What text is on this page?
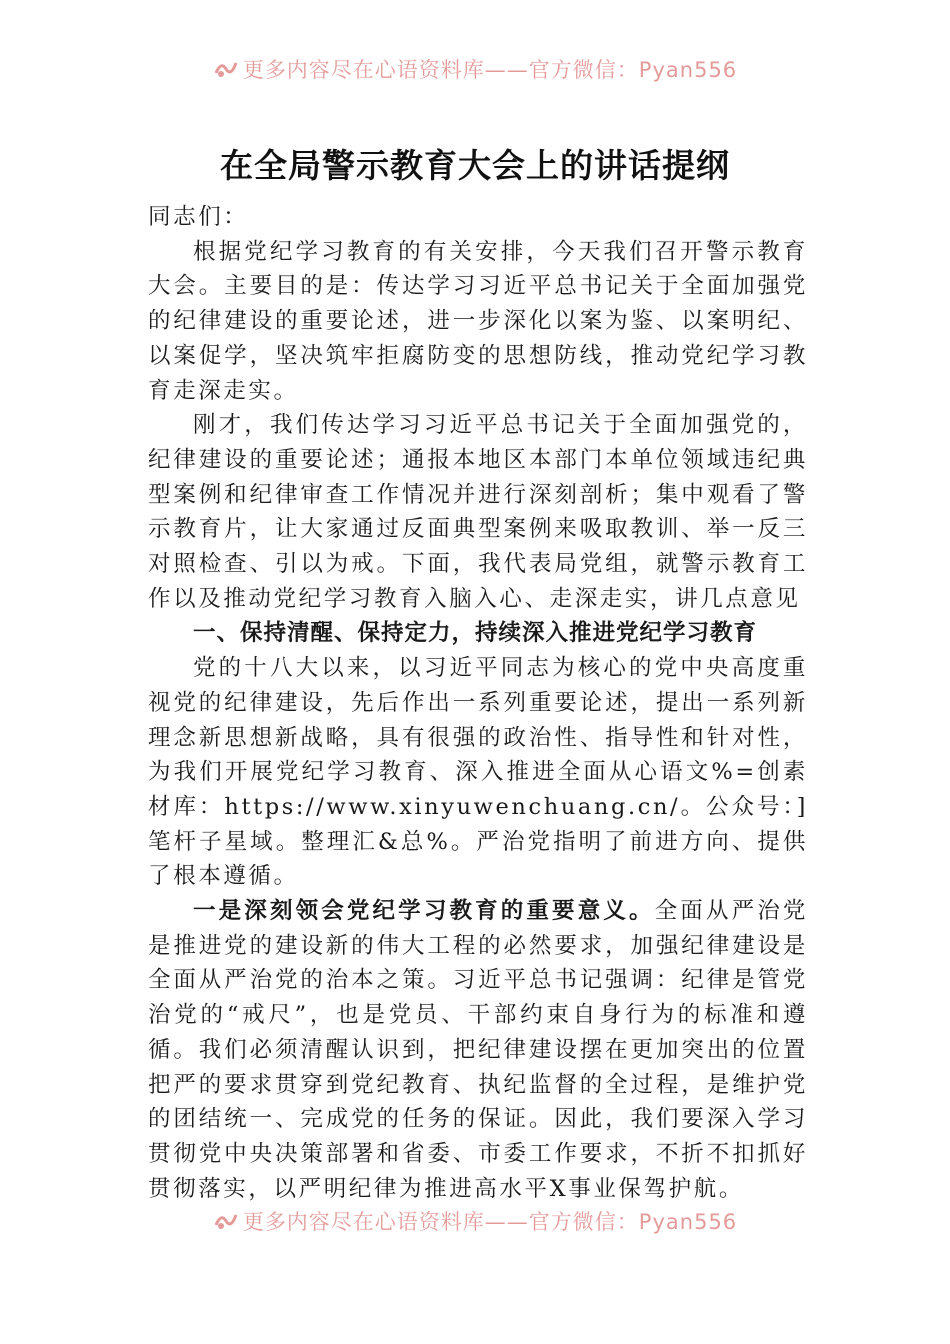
更多内容尽在心语资料库——官方微信：Pyan556
在全局警示教育大会上的讲话提纲

同志们：

根据党纪学习教育的有关安排，今天我们召开警示教育大会。主要目的是：传达学习习近平总书记关于全面加强党的纪律建设的重要论述，进一步深化以案为鉴、以案明纪、以案促学，坚决筑牢拒腐防变的思想防线，推动党纪学习教育走深走实。

刚才，我们传达学习习近平总书记关于全面加强党的，纪律建设的重要论述；通报本地区本部门本单位领域违纪典型案例和纪律审查工作情况并进行深刻剖析；集中观看了警示教育片，让大家通过反面典型案例来吸取教训、举一反三对照检查、引以为戒。下面，我代表局党组，就警示教育工作以及推动党纪学习教育入脑入心、走深走实，讲几点意见

一、保持清醒、保持定力，持续深入推进党纪学习教育

党的十八大以来，以习近平同志为核心的党中央高度重视党的纪律建设，先后作出一系列重要论述，提出一系列新理念新思想新战略，具有很强的政治性、指导性和针对性，为我们开展党纪学习教育、深入推进全面从心语文%=创素材库：https://www.xinyuwenchuang.cn/。公众号：]笔杆子星域。整理汇&总%。严治党指明了前进方向、提供了根本遵循。

一是深刻领会党纪学习教育的重要意义。全面从严治党是推进党的建设新的伟大工程的必然要求，加强纪律建设是全面从严治党的治本之策。习近平总书记强调：纪律是管党治党的“戒尺”，也是党员、干部约束自身行为的标准和遵循。我们必须清醒认识到，把纪律建设摆在更加突出的位置把严的要求贯穿到党纪教育、执纪监督的全过程，是维护党的团结统一、完成党的任务的保证。因此，我们要深入学习贯彻党中央决策部署和省委、市委工作要求，不折不扣抓好贯彻落实，以严明纪律为推进高水平X事业保驾护航。

更多内容尽在心语资料库——官方微信：Pyan556
